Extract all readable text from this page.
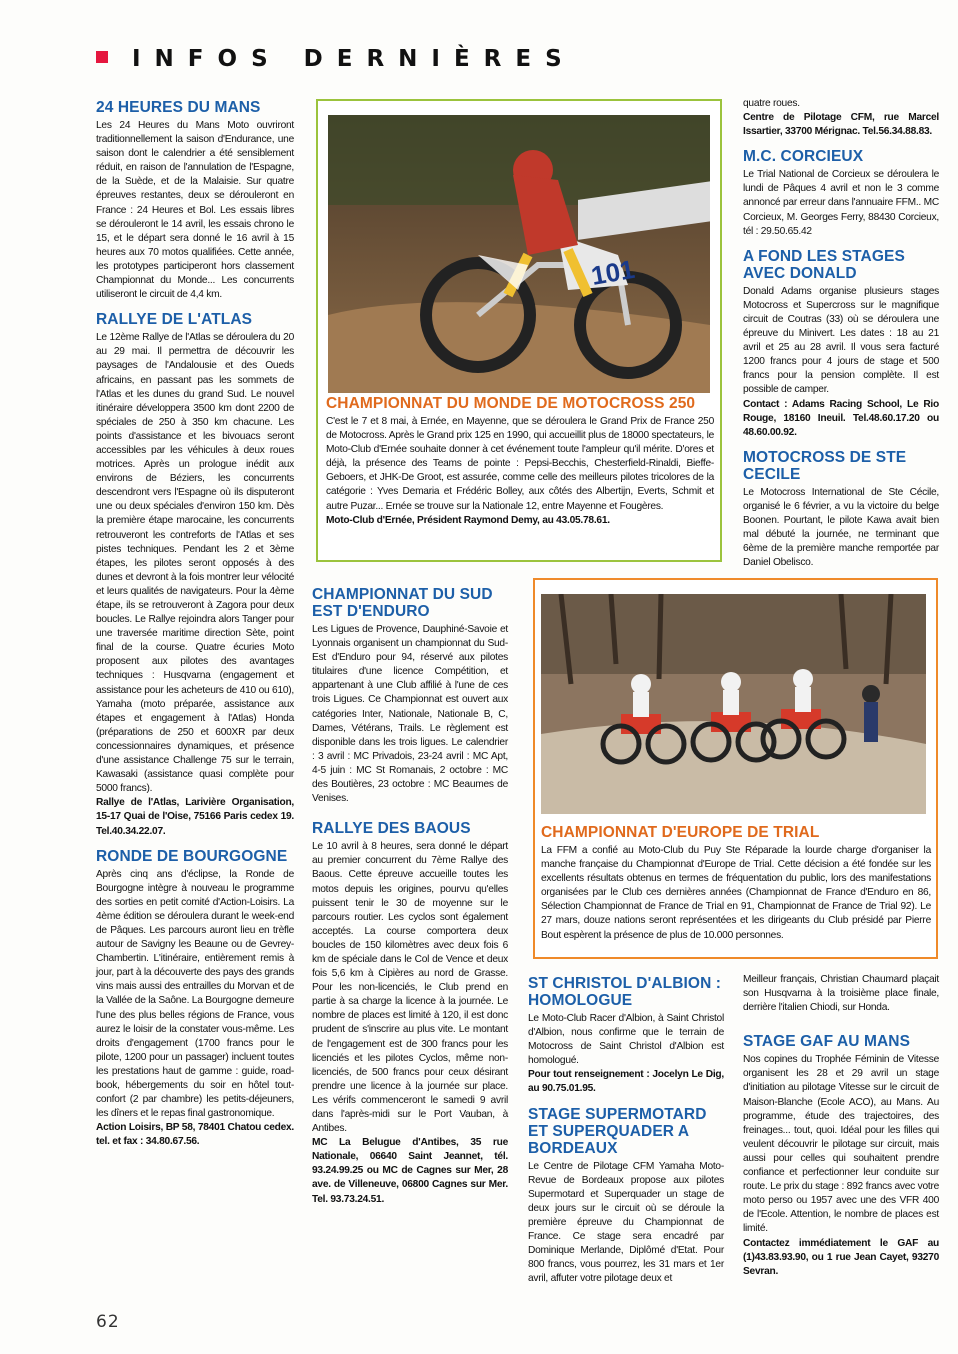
INFOS DERNIÈRES
24 HEURES DU MANS

Les 24 Heures du Mans Moto ouvriront traditionnellement la saison d'Endurance, une saison dont le calendrier a été sensiblement réduit, en raison de l'annulation de l'Espagne, de la Suède, et de la Malaisie. Sur quatre épreuves restantes, deux se dérouleront en France : 24 Heures et Bol. Les essais libres se dérouleront le 14 avril, les essais chrono le 15, et le départ sera donné le 16 avril à 15 heures aux 70 motos qualifiées. Cette année, les prototypes participeront hors classement Championnat du Monde... Les concurrents utiliseront le circuit de 4,4 km.

RALLYE DE L'ATLAS

Le 12ème Rallye de l'Atlas se déroulera du 20 au 29 mai. Il permettra de découvrir les paysages de l'Andalousie et des Oueds africains, en passant pas les sommets de l'Atlas et les dunes du grand Sud. Le nouvel itinéraire développera 3500 km dont 2200 de spéciales de 250 à 350 km chacune. Les points d'assistance et les bivouacs seront accessibles par les véhicules à deux roues motrices. Après un prologue inédit aux environs de Béziers, les concurrents descendront vers l'Espagne où ils disputeront une ou deux spéciales d'environ 150 km. Dès la première étape marocaine, les concurrents retrouveront les contreforts de l'Atlas et ses pistes techniques. Pendant les 2 et 3ème étapes, les pilotes seront opposés à des dunes et devront à la fois montrer leur vélocité et leurs qualités de navigateurs. Pour la 4ème étape, ils se retrouveront à Zagora pour deux boucles. Le Rallye rejoindra alors Tanger pour une traversée maritime direction Sète, point final de la course. Quatre écuries Moto proposent aux pilotes des avantages techniques : Husqvarna (engagement et assistance pour les acheteurs de 410 ou 610), Yamaha (moto préparée, assistance aux étapes et engagement à l'Atlas) Honda (préparations de 250 et 600XR par deux concessionnaires dynamiques, et présence d'une assistance Challenge 75 sur le terrain, Kawasaki (assistance quasi complète pour 5000 francs).

Rallye de l'Atlas, Larivière Organisation, 15-17 Quai de l'Oise, 75166 Paris cedex 19. Tel.40.34.22.07.

RONDE DE BOURGOGNE

Après cinq ans d'éclipse, la Ronde de Bourgogne intègre à nouveau le programme des sorties en petit comité d'Action-Loisirs. La 4ème édition se déroulera durant le week-end de Pâques. Les parcours auront lieu en trèfle autour de Savigny les Beaune ou de Gevrey-Chambertin. L'itinéraire, entièrement remis à jour, part à la découverte des pays des grands vins mais aussi des entrailles du Morvan et de la Vallée de la Saône. La Bourgogne demeure l'une des plus belles régions de France, vous aurez le loisir de la constater vous-même. Les droits d'engagement (1700 francs pour le pilote, 1200 pour un passager) incluent toutes les prestations haut de gamme : guide, road-book, hébergements du soir en hôtel tout-confort (2 par chambre) les petits-déjeuners, les dîners et le repas final gastronomique.

Action Loisirs, BP 58, 78401 Chatou cedex. tel. et fax : 34.80.67.56.

101
CHAMPIONNAT DU MONDE DE MOTOCROSS 250

C'est le 7 et 8 mai, à Ernée, en Mayenne, que se déroulera le Grand Prix de France 250 de Motocross. Après le Grand prix 125 en 1990, qui accueillit plus de 18000 spectateurs, le Moto-Club d'Ernée souhaite donner à cet événement toute l'ampleur qu'il mérite. D'ores et déjà, la présence des Teams de pointe : Pepsi-Becchis, Chesterfield-Rinaldi, Bieffe-Geboers, et JHK-De Groot, est assurée, comme celle des meilleurs pilotes tricolores de la catégorie : Yves Demaria et Frédéric Bolley, aux côtés des Albertijn, Everts, Schmit et autre Puzar... Ernée se trouve sur la Nationale 12, entre Mayenne et Fougères.

Moto-Club d'Ernée, Président Raymond Demy, au 43.05.78.61.

CHAMPIONNAT DU SUD EST D'ENDURO

Les Ligues de Provence, Dauphiné-Savoie et Lyonnais organisent un championnat du Sud-Est d'Enduro pour 94, réservé aux pilotes titulaires d'une licence Compétition, et appartenant à une Club affilié à l'une de ces trois Ligues. Ce Championnat est ouvert aux catégories Inter, Nationale, Nationale B, C, Dames, Vétérans, Trails. Le règlement est disponible dans les trois ligues. Le calendrier : 3 avril : MC Privadois, 23-24 avril : MC Apt, 4-5 juin : MC St Romanais, 2 octobre : MC des Boutières, 23 octobre : MC Beaumes de Venises.

RALLYE DES BAOUS

Le 10 avril à 8 heures, sera donné le départ au premier concurrent du 7ème Rallye des Baous. Cette épreuve accueille toutes les motos depuis les origines, pourvu qu'elles puissent tenir le 30 de moyenne sur le parcours routier. Les cyclos sont également acceptés. La course comportera deux boucles de 150 kilomètres avec deux fois 6 km de spéciale dans le Col de Vence et deux fois 5,6 km à Cipières au nord de Grasse. Pour les non-licenciés, le Club prend en partie à sa charge la licence à la journée. Le nombre de places est limité à 120, il est donc prudent de s'inscrire au plus vite. Le montant de l'engagement est de 300 francs pour les licenciés et les pilotes Cyclos, même non-licenciés, de 500 francs pour ceux désirant prendre une licence à la journée sur place. Les vérifs commenceront le samedi 9 avril dans l'après-midi sur le Port Vauban, à Antibes.

MC La Belugue d'Antibes, 35 rue Nationale, 06640 Saint Jeannet, tél. 93.24.99.25 ou MC de Cagnes sur Mer, 28 ave. de Villeneuve, 06800 Cagnes sur Mer. Tel. 93.73.24.51.

quatre roues.

Centre de Pilotage CFM, rue Marcel Issartier, 33700 Mérignac. Tel.56.34.88.83.

M.C. CORCIEUX

Le Trial National de Corcieux se déroulera le lundi de Pâques 4 avril et non le 3 comme annoncé par erreur dans l'annuaire FFM.. MC Corcieux, M. Georges Ferry, 88430 Corcieux, tél : 29.50.65.42

A FOND LES STAGES AVEC DONALD

Donald Adams organise plusieurs stages Motocross et Supercross sur le magnifique circuit de Coutras (33) où se déroulera une épreuve du Minivert. Les dates : 18 au 21 avril et 25 au 28 avril. Il vous sera facturé 1200 francs pour 4 jours de stage et 500 francs pour la pension complète. Il est possible de camper.

Contact : Adams Racing School, Le Rio Rouge, 18160 Ineuil. Tel.48.60.17.20 ou 48.60.00.92.

MOTOCROSS DE STE CECILE

Le Motocross International de Ste Cécile, organisé le 6 février, a vu la victoire du belge Boonen. Pourtant, le pilote Kawa avait bien mal débuté la journée, ne terminant que 6ème de la première manche remportée par Daniel Obelisco.

CHAMPIONNAT D'EUROPE DE TRIAL

La FFM a confié au Moto-Club du Puy Ste Réparade la lourde charge d'organiser la manche française du Championnat d'Europe de Trial. Cette décision a été fondée sur les excellents résultats obtenus en termes de fréquentation du public, lors des manifestations organisées par le Club ces dernières années (Championnat de France d'Enduro en 86, Sélection Championnat de France de Trial en 91, Championnat de France de Trial 92). Le 27 mars, douze nations seront représentées et les dirigeants du Club présidé par Pierre Bout espèrent la présence de plus de 10.000 personnes.

ST CHRISTOL D'ALBION : HOMOLOGUE

Le Moto-Club Racer d'Albion, à Saint Christol d'Albion, nous confirme que le terrain de Motocross de Saint Christol d'Albion est homologué.

Pour tout renseignement : Jocelyn Le Dig, au 90.75.01.95.

STAGE SUPERMOTARD ET SUPERQUADER A BORDEAUX

Le Centre de Pilotage CFM Yamaha Moto-Revue de Bordeaux propose aux pilotes Supermotard et Superquader un stage de deux jours sur le circuit où se déroule la première épreuve du Championnat de France. Ce stage sera encadré par Dominique Merlande, Diplômé d'Etat. Pour 800 francs, vous pourrez, les 31 mars et 1er avril, affuter votre pilotage deux et

Meilleur français, Christian Chaumard plaçait son Husqvarna à la troisième place finale, derrière l'italien Chiodi, sur Honda.

STAGE GAF AU MANS

Nos copines du Trophée Féminin de Vitesse organisent les 28 et 29 avril un stage d'initiation au pilotage Vitesse sur le circuit de Maison-Blanche (Ecole ACO), au Mans. Au programme, étude des trajectoires, des freinages... tout, quoi. Idéal pour les filles qui veulent découvrir le pilotage sur circuit, mais aussi pour celles qui souhaitent prendre confiance et perfectionner leur conduite sur route. Le prix du stage : 892 francs avec votre moto perso ou 1957 avec une des VFR 400 de l'Ecole. Attention, le nombre de places est limité.

Contactez immédiatement le GAF au (1)43.83.93.90, ou 1 rue Jean Cayet, 93270 Sevran.

62
